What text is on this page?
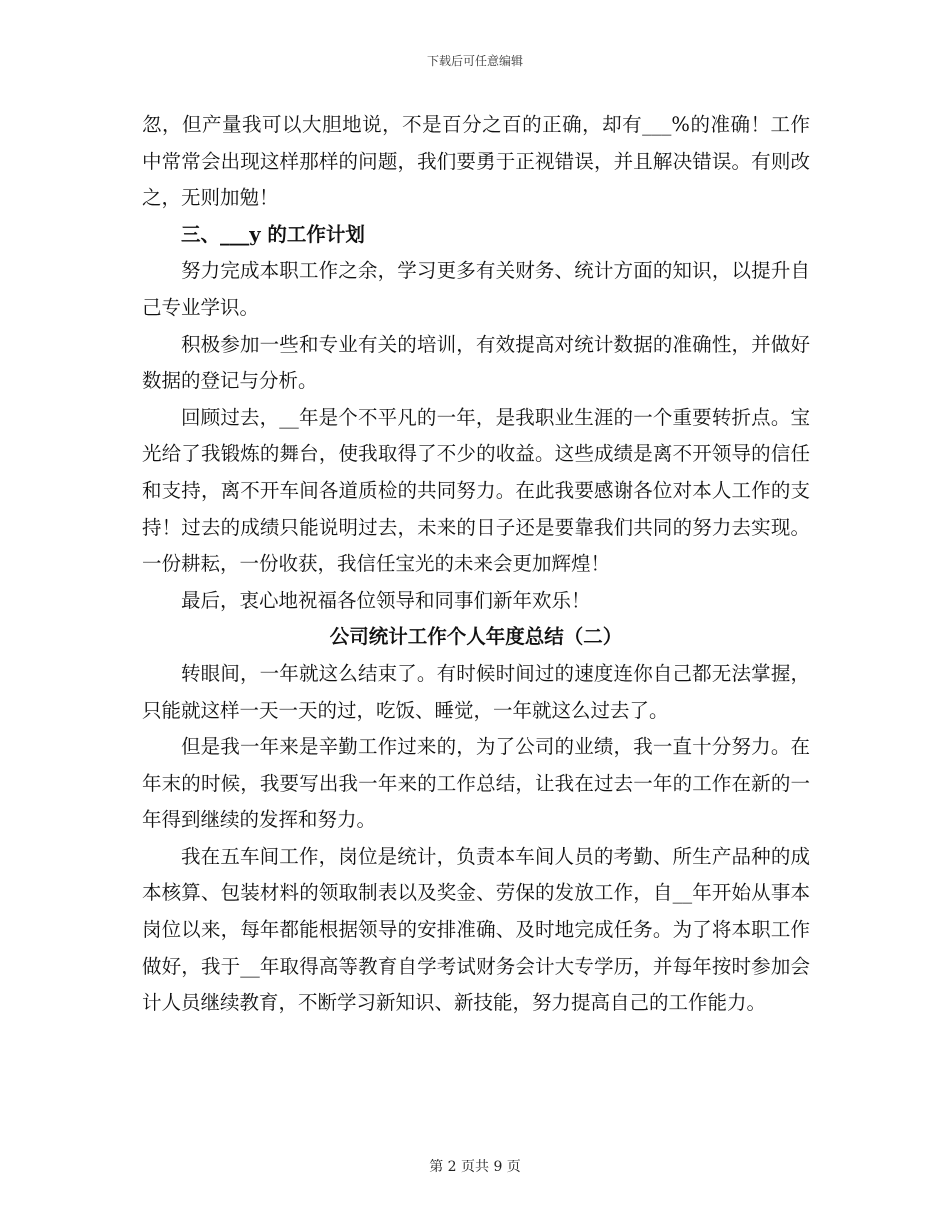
下载后可任意编辑

忽，但产量我可以大胆地说，不是百分之百的正确，却有___%的准确！工作中常常会出现这样那样的问题，我们要勇于正视错误，并且解决错误。有则改之，无则加勉！

三、___y 的工作计划

努力完成本职工作之余，学习更多有关财务、统计方面的知识，以提升自己专业学识。

积极参加一些和专业有关的培训，有效提高对统计数据的准确性，并做好数据的登记与分析。

回顾过去，__年是个不平凡的一年，是我职业生涯的一个重要转折点。宝光给了我锻炼的舞台，使我取得了不少的收益。这些成绩是离不开领导的信任和支持，离不开车间各道质检的共同努力。在此我要感谢各位对本人工作的支持！过去的成绩只能说明过去，未来的日子还是要靠我们共同的努力去实现。一份耕耘，一份收获，我信任宝光的未来会更加辉煌！

最后，衷心地祝福各位领导和同事们新年欢乐！

公司统计工作个人年度总结（二）

转眼间，一年就这么结束了。有时候时间过的速度连你自己都无法掌握，只能就这样一天一天的过，吃饭、睡觉，一年就这么过去了。

但是我一年来是辛勤工作过来的，为了公司的业绩，我一直十分努力。在年末的时候，我要写出我一年来的工作总结，让我在过去一年的工作在新的一年得到继续的发挥和努力。

我在五车间工作，岗位是统计，负责本车间人员的考勤、所生产品种的成本核算、包装材料的领取制表以及奖金、劳保的发放工作，自__年开始从事本岗位以来，每年都能根据领导的安排准确、及时地完成任务。为了将本职工作做好，我于__年取得高等教育自学考试财务会计大专学历，并每年按时参加会计人员继续教育，不断学习新知识、新技能，努力提高自己的工作能力。

第 2 页共 9 页
